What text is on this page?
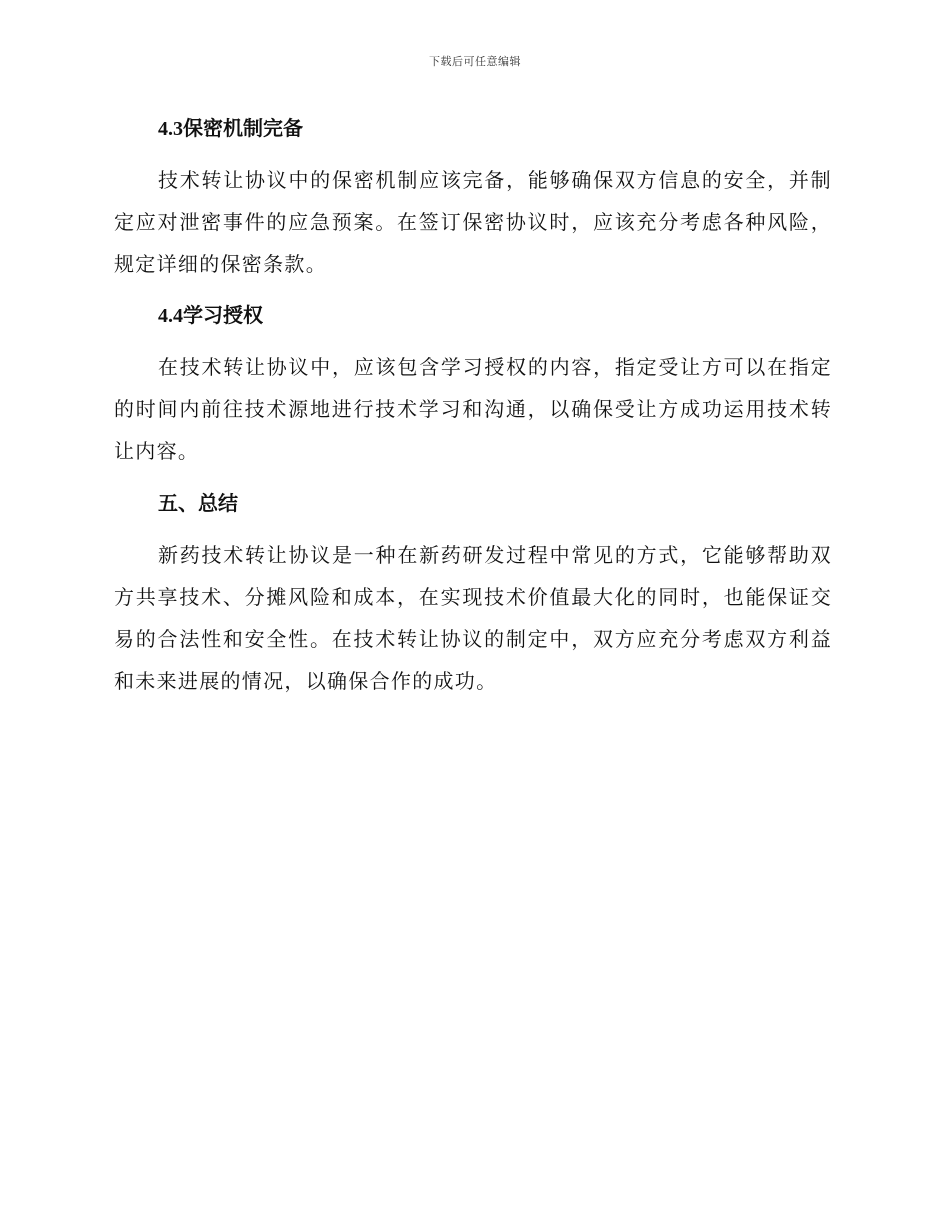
下载后可任意编辑
4.3保密机制完备

技术转让协议中的保密机制应该完备，能够确保双方信息的安全，并制定应对泄密事件的应急预案。在签订保密协议时，应该充分考虑各种风险，规定详细的保密条款。

4.4学习授权

在技术转让协议中，应该包含学习授权的内容，指定受让方可以在指定的时间内前往技术源地进行技术学习和沟通，以确保受让方成功运用技术转让内容。

五、总结

新药技术转让协议是一种在新药研发过程中常见的方式，它能够帮助双方共享技术、分摊风险和成本，在实现技术价值最大化的同时，也能保证交易的合法性和安全性。在技术转让协议的制定中，双方应充分考虑双方利益和未来进展的情况，以确保合作的成功。
